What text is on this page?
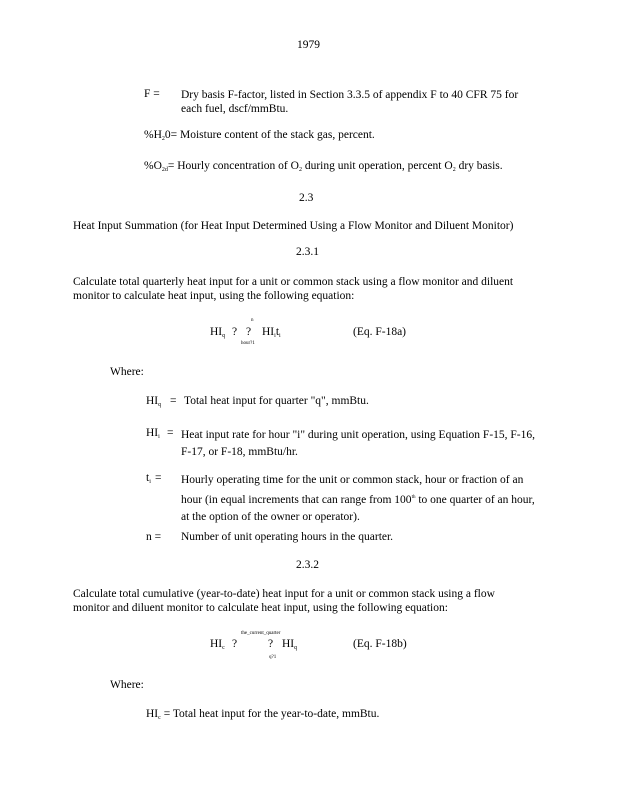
1979
F = Dry basis F-factor, listed in Section 3.3.5 of appendix F to 40 CFR 75 for each fuel, dscf/mmBtu.
$\%H_20=$ Moisture content of the stack gas, percent.
$\%O_{2d}=$ Hourly concentration of $O_2$ during unit operation, percent $O_2$ dry basis.
2.3
Heat Input Summation (for Heat Input Determined Using a Flow Monitor and Diluent Monitor)
2.3.1
Calculate total quarterly heat input for a unit or common stack using a flow monitor and diluent monitor to calculate heat input, using the following equation:
$HI_q$ ?
n
?
hour?1
$HI_it_i$	(Eq. F-18a)
Where:
$HI_q$ = Total heat input for quarter "q", mmBtu.
$HI_i$ = Heat input rate for hour "i" during unit operation, using Equation F-15, F-16, F-17, or F-18, mmBtu/hr.
$t_i$ = Hourly operating time for the unit or common stack, hour or fraction of an hour (in equal increments that can range from 100th to one quarter of an hour, at the option of the owner or operator).
n = Number of unit operating hours in the quarter.
2.3.2
Calculate total cumulative (year-to-date) heat input for a unit or common stack using a flow monitor and diluent monitor to calculate heat input, using the following equation:
$HI_c$ ?
the_current_quarter
?
q?1
$HI_q$	(Eq. F-18b)
Where:
$HI_c$ = Total heat input for the year-to-date, mmBtu.
